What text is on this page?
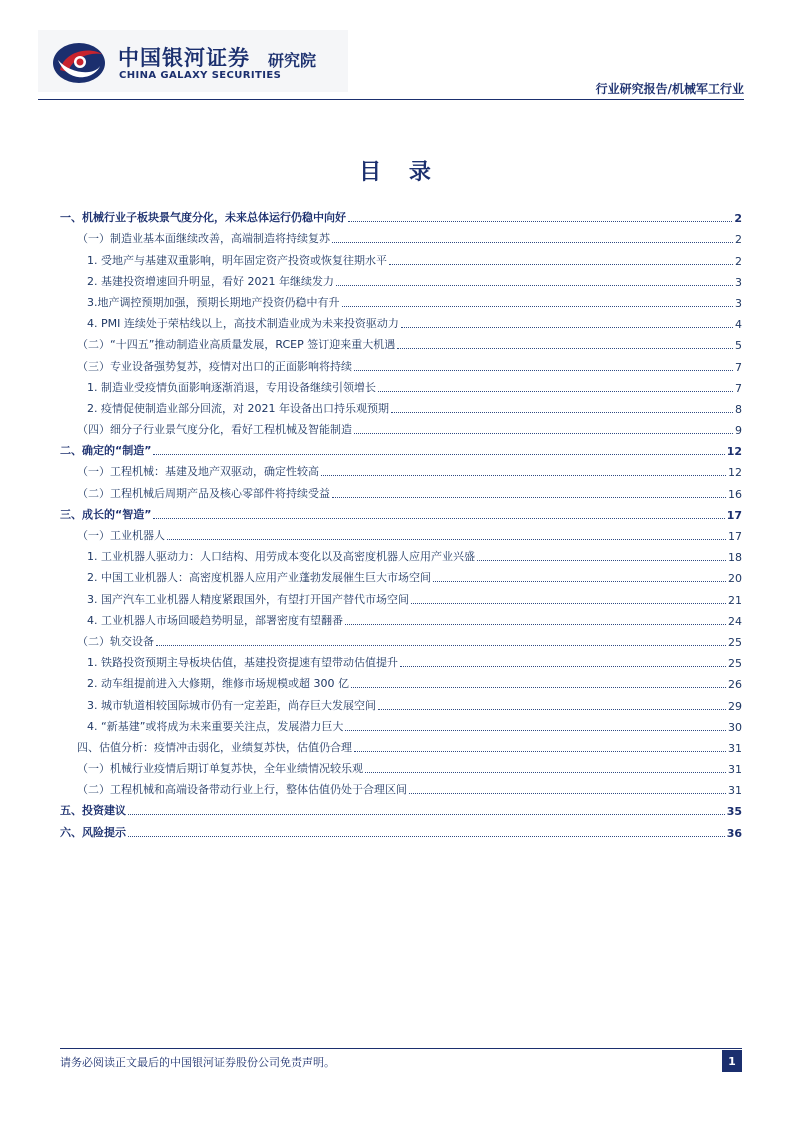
中国银河证券
CHINA GALAXY SECURITIES
研究院
行业研究报告/机械军工行业
目 录
一、机械行业子板块景气度分化，未来总体运行仍稳中向好	2
（一）制造业基本面继续改善，高端制造将持续复苏	2
1. 受地产与基建双重影响，明年固定资产投资或恢复往期水平	2
2. 基建投资增速回升明显，看好 2021 年继续发力	3
3.地产调控预期加强，预期长期地产投资仍稳中有升	3
4. PMI 连续处于荣枯线以上，高技术制造业成为未来投资驱动力	4
（二）“十四五”推动制造业高质量发展，RCEP 签订迎来重大机遇	5
（三）专业设备强势复苏，疫情对出口的正面影响将持续	7
1. 制造业受疫情负面影响逐渐消退，专用设备继续引领增长	7
2. 疫情促使制造业部分回流，对 2021 年设备出口持乐观预期	8
（四）细分子行业景气度分化，看好工程机械及智能制造	9
二、确定的“制造”	12
（一）工程机械：基建及地产双驱动，确定性较高	12
（二）工程机械后周期产品及核心零部件将持续受益	16
三、成长的“智造”	17
（一）工业机器人	17
1. 工业机器人驱动力：人口结构、用劳成本变化以及高密度机器人应用产业兴盛	18
2. 中国工业机器人：高密度机器人应用产业蓬勃发展催生巨大市场空间	20
3. 国产汽车工业机器人精度紧跟国外，有望打开国产替代市场空间	21
4. 工业机器人市场回暖趋势明显，部署密度有望翻番	24
（二）轨交设备	25
1. 铁路投资预期主导板块估值，基建投资提速有望带动估值提升	25
2. 动车组提前进入大修期，维修市场规模或超 300 亿	26
3. 城市轨道相较国际城市仍有一定差距，尚存巨大发展空间	29
4. “新基建”或将成为未来重要关注点，发展潜力巨大	30
四、估值分析：疫情冲击弱化，业绩复苏快，估值仍合理	31
（一）机械行业疫情后期订单复苏快，全年业绩情况较乐观	31
（二）工程机械和高端设备带动行业上行，整体估值仍处于合理区间	31
五、投资建议	35
六、风险提示	36
请务必阅读正文最后的中国银河证券股份公司免责声明。	1
